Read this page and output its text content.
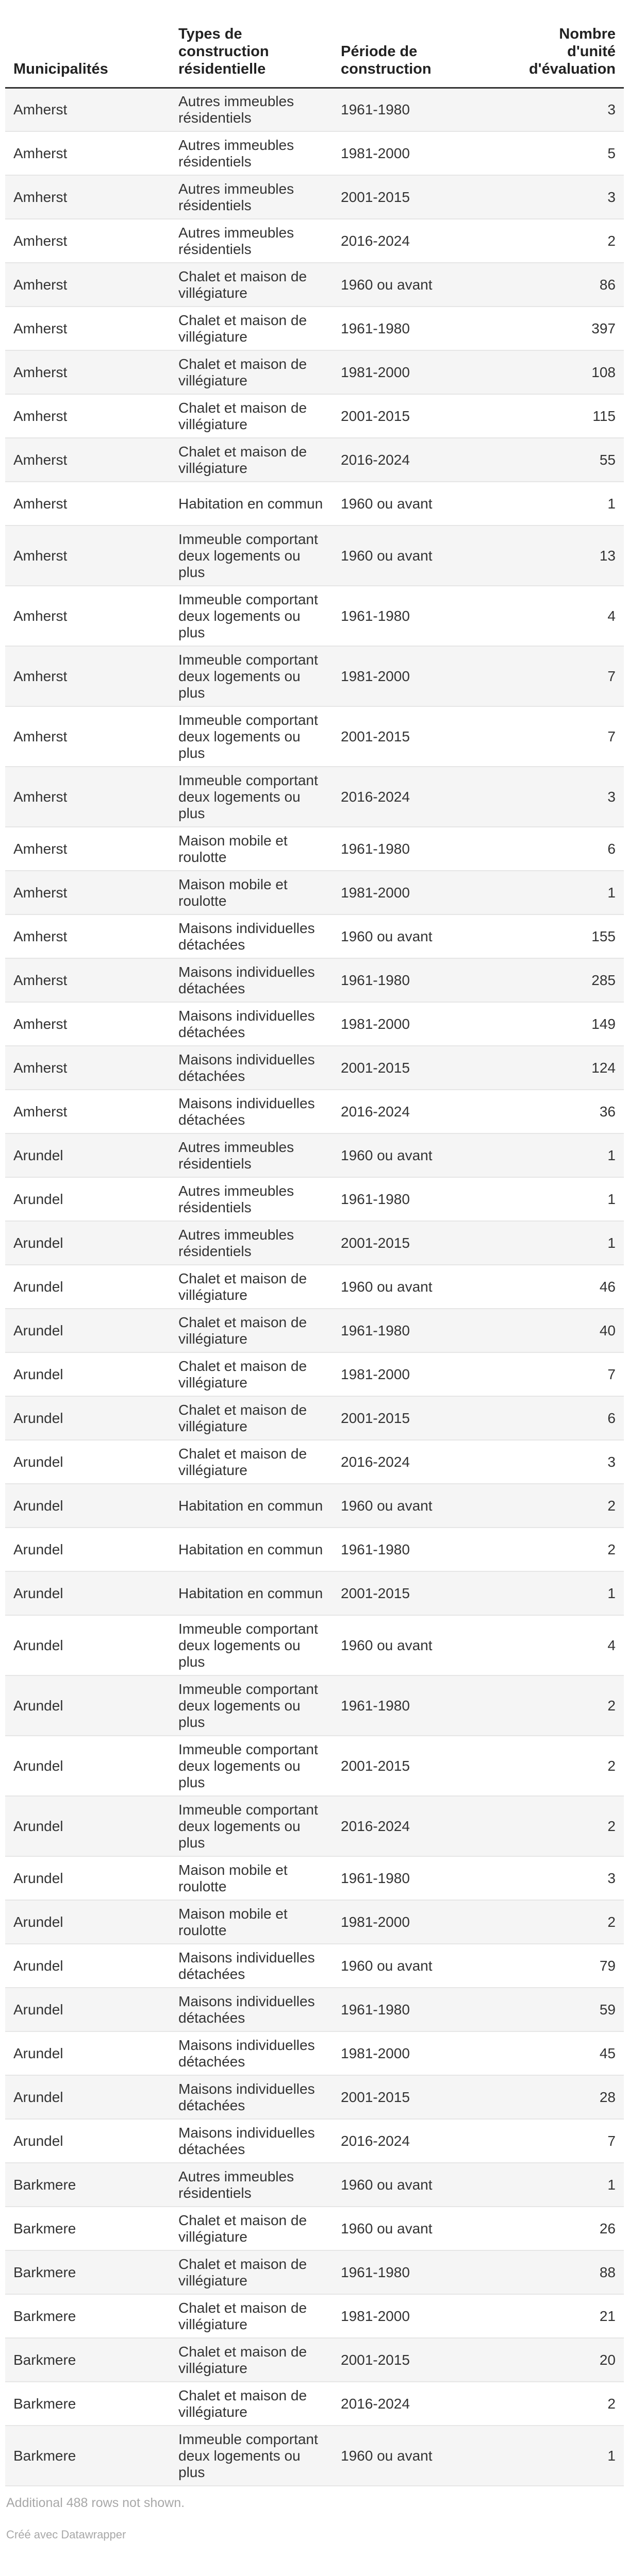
Municipalités	Types de construction résidentielle	Période de construction	Nombre d'unité d'évaluation
Amherst	Autres immeubles résidentiels	1961-1980	3
Amherst	Autres immeubles résidentiels	1981-2000	5
Amherst	Autres immeubles résidentiels	2001-2015	3
Amherst	Autres immeubles résidentiels	2016-2024	2
Amherst	Chalet et maison de villégiature	1960 ou avant	86
Amherst	Chalet et maison de villégiature	1961-1980	397
Amherst	Chalet et maison de villégiature	1981-2000	108
Amherst	Chalet et maison de villégiature	2001-2015	115
Amherst	Chalet et maison de villégiature	2016-2024	55
Amherst	Habitation en commun	1960 ou avant	1
Amherst	Immeuble comportant deux logements ou plus	1960 ou avant	13
Amherst	Immeuble comportant deux logements ou plus	1961-1980	4
Amherst	Immeuble comportant deux logements ou plus	1981-2000	7
Amherst	Immeuble comportant deux logements ou plus	2001-2015	7
Amherst	Immeuble comportant deux logements ou plus	2016-2024	3
Amherst	Maison mobile et roulotte	1961-1980	6
Amherst	Maison mobile et roulotte	1981-2000	1
Amherst	Maisons individuelles détachées	1960 ou avant	155
Amherst	Maisons individuelles détachées	1961-1980	285
Amherst	Maisons individuelles détachées	1981-2000	149
Amherst	Maisons individuelles détachées	2001-2015	124
Amherst	Maisons individuelles détachées	2016-2024	36
Arundel	Autres immeubles résidentiels	1960 ou avant	1
Arundel	Autres immeubles résidentiels	1961-1980	1
Arundel	Autres immeubles résidentiels	2001-2015	1
Arundel	Chalet et maison de villégiature	1960 ou avant	46
Arundel	Chalet et maison de villégiature	1961-1980	40
Arundel	Chalet et maison de villégiature	1981-2000	7
Arundel	Chalet et maison de villégiature	2001-2015	6
Arundel	Chalet et maison de villégiature	2016-2024	3
Arundel	Habitation en commun	1960 ou avant	2
Arundel	Habitation en commun	1961-1980	2
Arundel	Habitation en commun	2001-2015	1
Arundel	Immeuble comportant deux logements ou plus	1960 ou avant	4
Arundel	Immeuble comportant deux logements ou plus	1961-1980	2
Arundel	Immeuble comportant deux logements ou plus	2001-2015	2
Arundel	Immeuble comportant deux logements ou plus	2016-2024	2
Arundel	Maison mobile et roulotte	1961-1980	3
Arundel	Maison mobile et roulotte	1981-2000	2
Arundel	Maisons individuelles détachées	1960 ou avant	79
Arundel	Maisons individuelles détachées	1961-1980	59
Arundel	Maisons individuelles détachées	1981-2000	45
Arundel	Maisons individuelles détachées	2001-2015	28
Arundel	Maisons individuelles détachées	2016-2024	7
Barkmere	Autres immeubles résidentiels	1960 ou avant	1
Barkmere	Chalet et maison de villégiature	1960 ou avant	26
Barkmere	Chalet et maison de villégiature	1961-1980	88
Barkmere	Chalet et maison de villégiature	1981-2000	21
Barkmere	Chalet et maison de villégiature	2001-2015	20
Barkmere	Chalet et maison de villégiature	2016-2024	2
Barkmere	Immeuble comportant deux logements ou plus	1960 ou avant	1
Additional 488 rows not shown.
Créé avec Datawrapper
